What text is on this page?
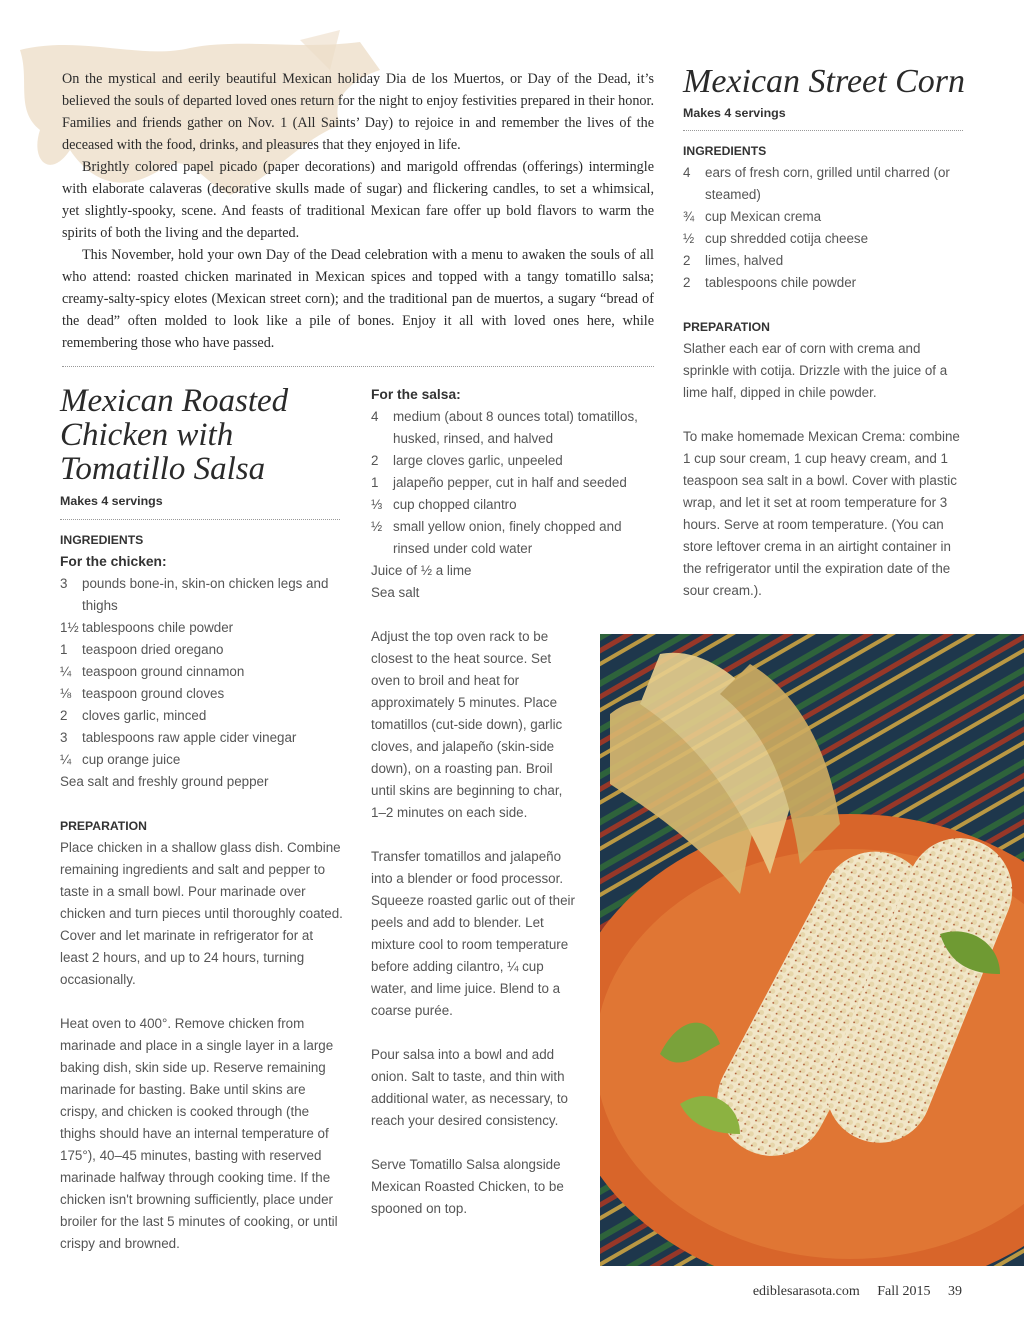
On the mystical and eerily beautiful Mexican holiday Dia de los Muertos, or Day of the Dead, it’s believed the souls of departed loved ones return for the night to enjoy festivities prepared in their honor. Families and friends gather on Nov. 1 (All Saints’ Day) to rejoice in and remember the lives of the deceased with the food, drinks, and pleasures that they enjoyed in life.

Brightly colored papel picado (paper decorations) and marigold offrendas (offerings) intermingle with elaborate calaveras (decorative skulls made of sugar) and flickering candles, to set a whimsical, yet slightly-spooky, scene. And feasts of traditional Mexican fare offer up bold flavors to warm the spirits of both the living and the departed.

This November, hold your own Day of the Dead celebration with a menu to awaken the souls of all who attend: roasted chicken marinated in Mexican spices and topped with a tangy tomatillo salsa; creamy-salty-spicy elotes (Mexican street corn); and the traditional pan de muertos, a sugary “bread of the dead” often molded to look like a pile of bones. Enjoy it all with loved ones here, while remembering those who have passed.

Mexican Street Corn
Makes 4 servings
INGREDIENTS
4	ears of fresh corn, grilled until charred (or steamed)
¾ cup Mexican crema
½ cup shredded cotija cheese
2	limes, halved
2	tablespoons chile powder
PREPARATION

Slather each ear of corn with crema and sprinkle with cotija. Drizzle with the juice of a lime half, dipped in chile powder.

To make homemade Mexican Crema: combine 1 cup sour cream, 1 cup heavy cream, and 1 teaspoon sea salt in a bowl. Cover with plastic wrap, and let it set at room temperature for 3 hours. Serve at room temperature. (You can store leftover crema in an airtight container in the refrigerator until the expiration date of the sour cream.).

Mexican Roasted
Chicken with
Tomatillo Salsa
Makes 4 servings
INGREDIENTS
For the chicken:
3	pounds bone-in, skin-on chicken legs and thighs
1½ tablespoons chile powder
1	teaspoon dried oregano
¼ teaspoon ground cinnamon
⅛ teaspoon ground cloves
2	cloves garlic, minced
3	tablespoons raw apple cider vinegar
¼ cup orange juice
Sea salt and freshly ground pepper
PREPARATION

Place chicken in a shallow glass dish. Combine remaining ingredients and salt and pepper to taste in a small bowl. Pour marinade over chicken and turn pieces until thoroughly coated. Cover and let marinate in refrigerator for at least 2 hours, and up to 24 hours, turning occasionally.

Heat oven to 400°. Remove chicken from marinade and place in a single layer in a large baking dish, skin side up. Reserve remaining marinade for basting. Bake until skins are crispy, and chicken is cooked through (the thighs should have an internal temperature of 175°), 40–45 minutes, basting with reserved marinade halfway through cooking time. If the chicken isn't browning sufficiently, place under broiler for the last 5 minutes of cooking, or until crispy and browned.

For the salsa:
4	medium (about 8 ounces total) tomatillos, husked, rinsed, and halved
2	large cloves garlic, unpeeled
1	jalapeño pepper, cut in half and seeded
⅓ cup chopped cilantro
½ small yellow onion, finely chopped and rinsed under cold water
Juice of ½ a lime
Sea salt

Adjust the top oven rack to be closest to the heat source. Set oven to broil and heat for approximately 5 minutes. Place tomatillos (cut-side down), garlic cloves, and jalapeño (skin-side down), on a roasting pan. Broil until skins are beginning to char, 1–2 minutes on each side.

Transfer tomatillos and jalapeño into a blender or food processor. Squeeze roasted garlic out of their peels and add to blender. Let mixture cool to room temperature before adding cilantro, ¼ cup water, and lime juice. Blend to a coarse purée.

Pour salsa into a bowl and add onion. Salt to taste, and thin with additional water, as necessary, to reach your desired consistency.

Serve Tomatillo Salsa alongside Mexican Roasted Chicken, to be spooned on top.

ediblesarasota.com Fall 2015 39
